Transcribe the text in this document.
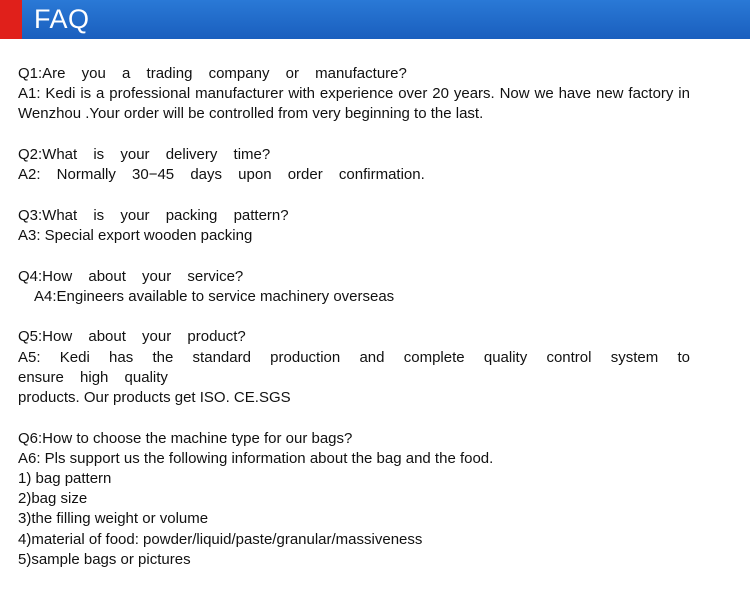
FAQ
Q1:Are you a trading company or manufacture?
A1: Kedi is a professional manufacturer with experience over 20 years. Now we have new factory in Wenzhou .Your order will be controlled from very beginning to the last.
Q2:What is your delivery time?
A2: Normally 30−45 days upon order confirmation.
Q3:What is your packing pattern?
A3: Special export wooden packing
Q4:How about your service?
A4:Engineers available to service machinery overseas
Q5:How about your product?
A5: Kedi has the standard production and complete quality control system to ensure high quality
products. Our products get ISO. CE.SGS
Q6:How to choose the machine type for our bags?
A6: Pls support us the following information about the bag and the food.
1) bag pattern
2)bag size
3)the filling weight or volume
4)material of food: powder/liquid/paste/granular/massiveness
5)sample bags or pictures
